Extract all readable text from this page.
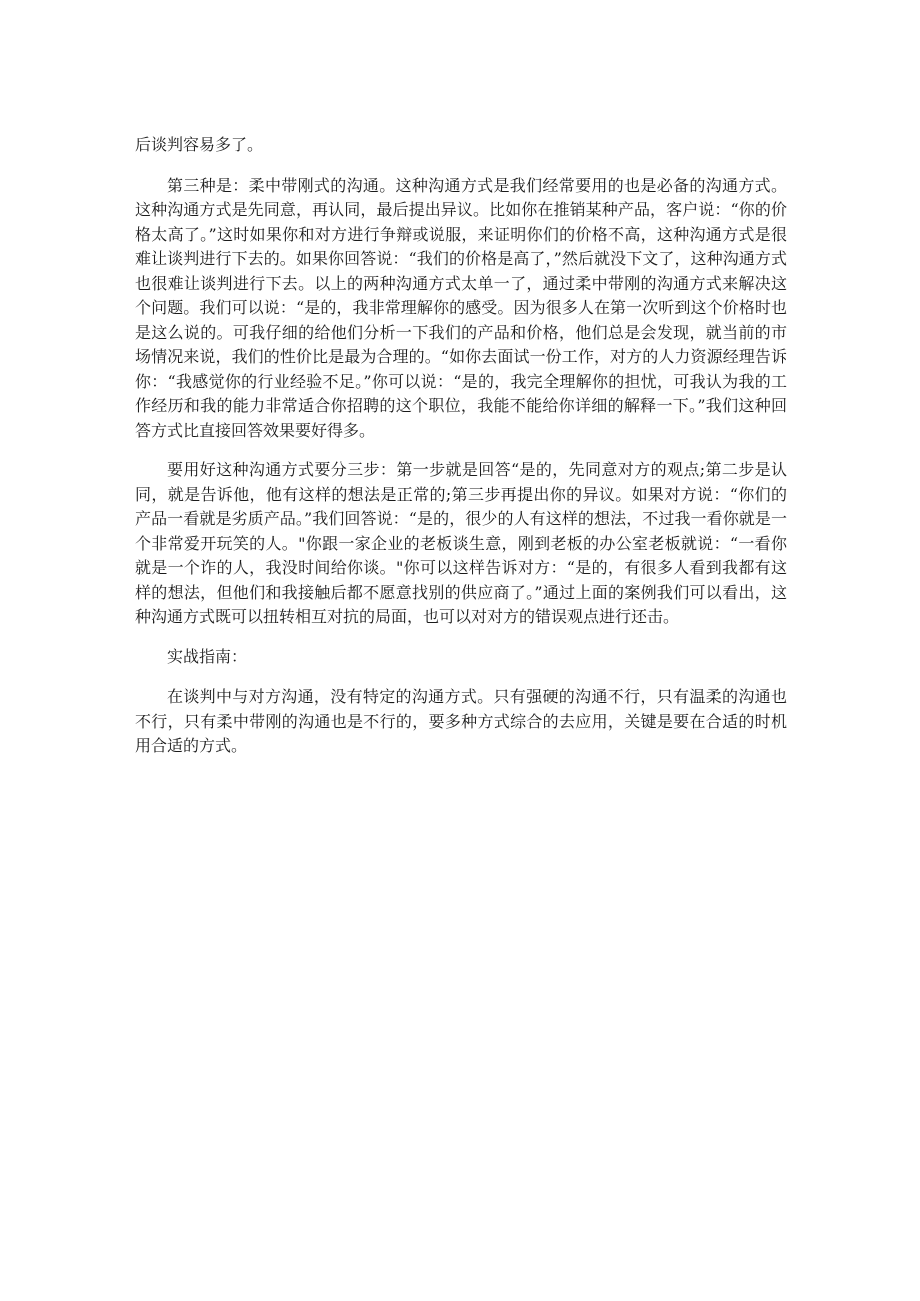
后谈判容易多了。

第三种是：柔中带刚式的沟通。这种沟通方式是我们经常要用的也是必备的沟通方式。这种沟通方式是先同意，再认同，最后提出异议。比如你在推销某种产品，客户说：“你的价格太高了。”这时如果你和对方进行争辩或说服，来证明你们的价格不高，这种沟通方式是很难让谈判进行下去的。如果你回答说：“我们的价格是高了，”然后就没下文了，这种沟通方式也很难让谈判进行下去。以上的两种沟通方式太单一了，通过柔中带刚的沟通方式来解决这个问题。我们可以说：“是的，我非常理解你的感受。因为很多人在第一次听到这个价格时也是这么说的。可我仔细的给他们分析一下我们的产品和价格，他们总是会发现，就当前的市场情况来说，我们的性价比是最为合理的。“如你去面试一份工作，对方的人力资源经理告诉你：“我感觉你的行业经验不足。”你可以说：“是的，我完全理解你的担忧，可我认为我的工作经历和我的能力非常适合你招聘的这个职位，我能不能给你详细的解释一下。”我们这种回答方式比直接回答效果要好得多。

要用好这种沟通方式要分三步：第一步就是回答“是的，先同意对方的观点;第二步是认同，就是告诉他，他有这样的想法是正常的;第三步再提出你的异议。如果对方说：“你们的产品一看就是劣质产品。”我们回答说：“是的，很少的人有这样的想法，不过我一看你就是一个非常爱开玩笑的人。"你跟一家企业的老板谈生意，刚到老板的办公室老板就说：“一看你就是一个诈的人，我没时间给你谈。"你可以这样告诉对方：“是的，有很多人看到我都有这样的想法，但他们和我接触后都不愿意找别的供应商了。”通过上面的案例我们可以看出，这种沟通方式既可以扭转相互对抗的局面，也可以对对方的错误观点进行还击。

实战指南：

在谈判中与对方沟通，没有特定的沟通方式。只有强硬的沟通不行，只有温柔的沟通也不行，只有柔中带刚的沟通也是不行的，要多种方式综合的去应用，关键是要在合适的时机用合适的方式。
